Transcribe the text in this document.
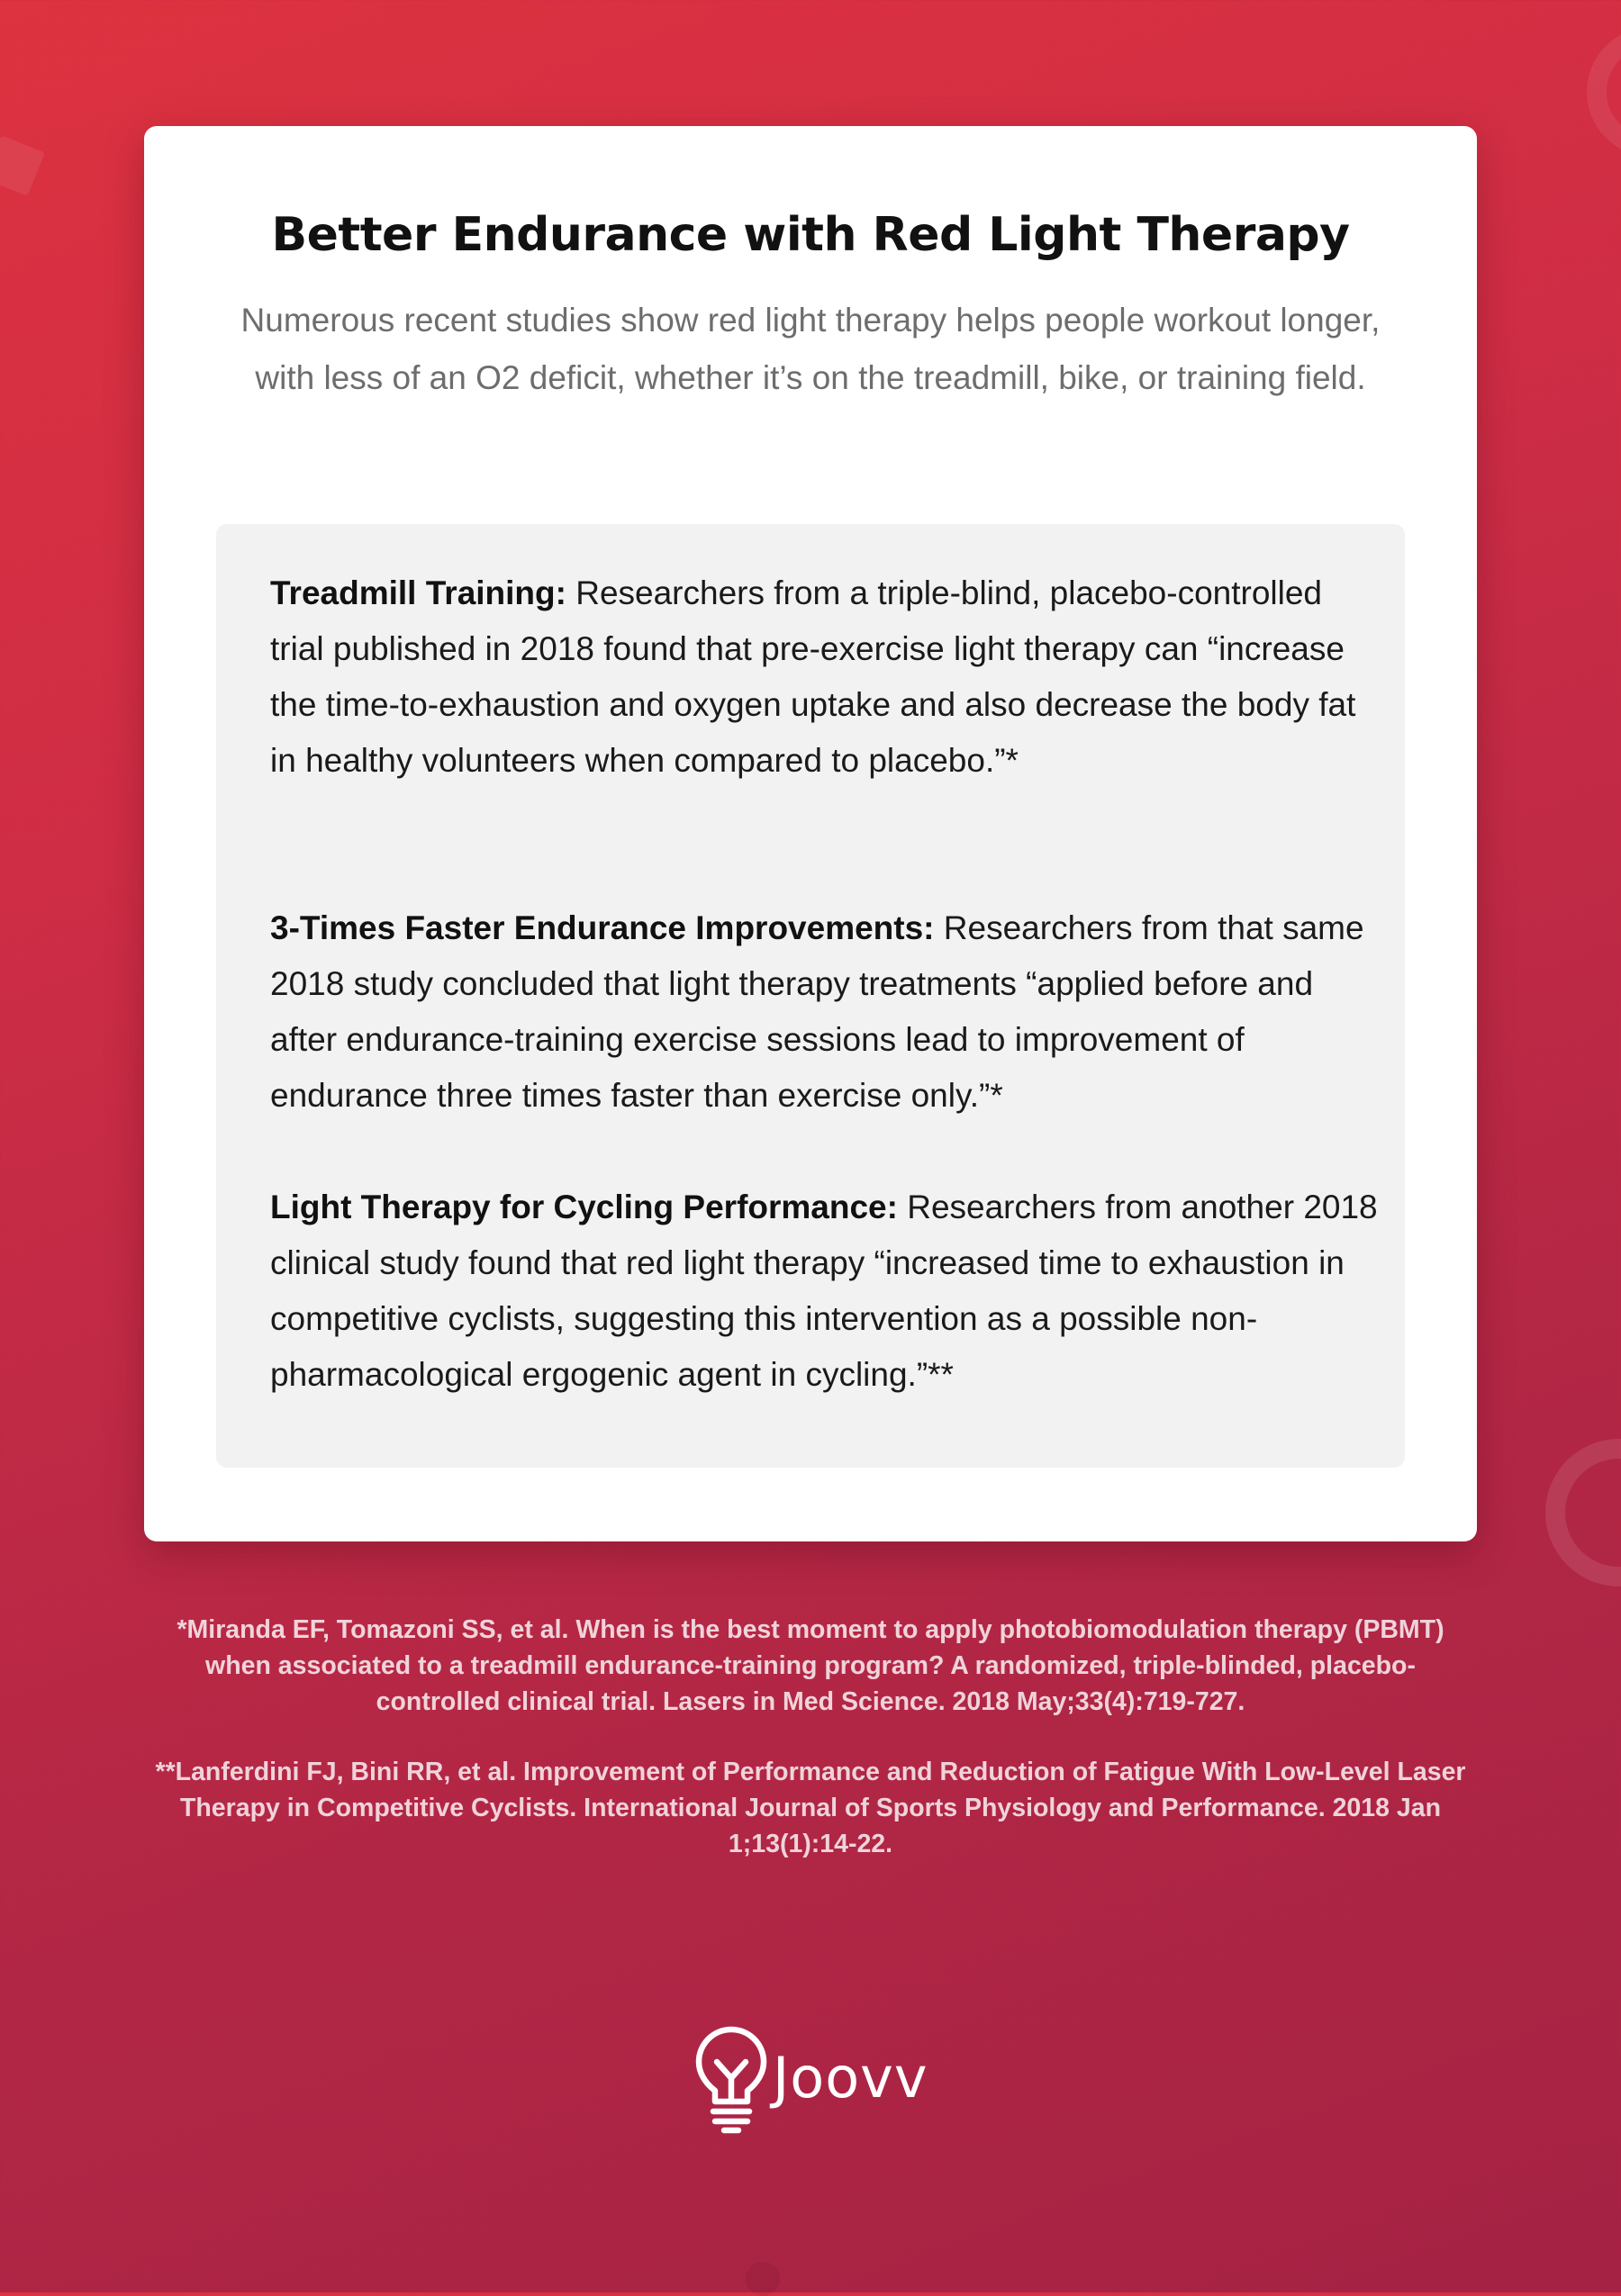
Better Endurance with Red Light Therapy

Numerous recent studies show red light therapy helps people workout longer, with less of an O2 deficit, whether it’s on the treadmill, bike, or training field.

Treadmill Training: Researchers from a triple-blind, placebo-controlled trial published in 2018 found that pre-exercise light therapy can “increase the time-to-exhaustion and oxygen uptake and also decrease the body fat in healthy volunteers when compared to placebo.”*

3-Times Faster Endurance Improvements: Researchers from that same 2018 study concluded that light therapy treatments “applied before and after endurance-training exercise sessions lead to improvement of endurance three times faster than exercise only.”*

Light Therapy for Cycling Performance: Researchers from another 2018 clinical study found that red light therapy “increased time to exhaustion in competitive cyclists, suggesting this intervention as a possible non-pharmacological ergogenic agent in cycling.”**

*Miranda EF, Tomazoni SS, et al. When is the best moment to apply photobiomodulation therapy (PBMT) when associated to a treadmill endurance-training program? A randomized, triple-blinded, placebo-controlled clinical trial. Lasers in Med Science. 2018 May;33(4):719-727.

**Lanferdini FJ, Bini RR, et al. Improvement of Performance and Reduction of Fatigue With Low-Level Laser Therapy in Competitive Cyclists. International Journal of Sports Physiology and Performance. 2018 Jan 1;13(1):14-22.

Joovv
